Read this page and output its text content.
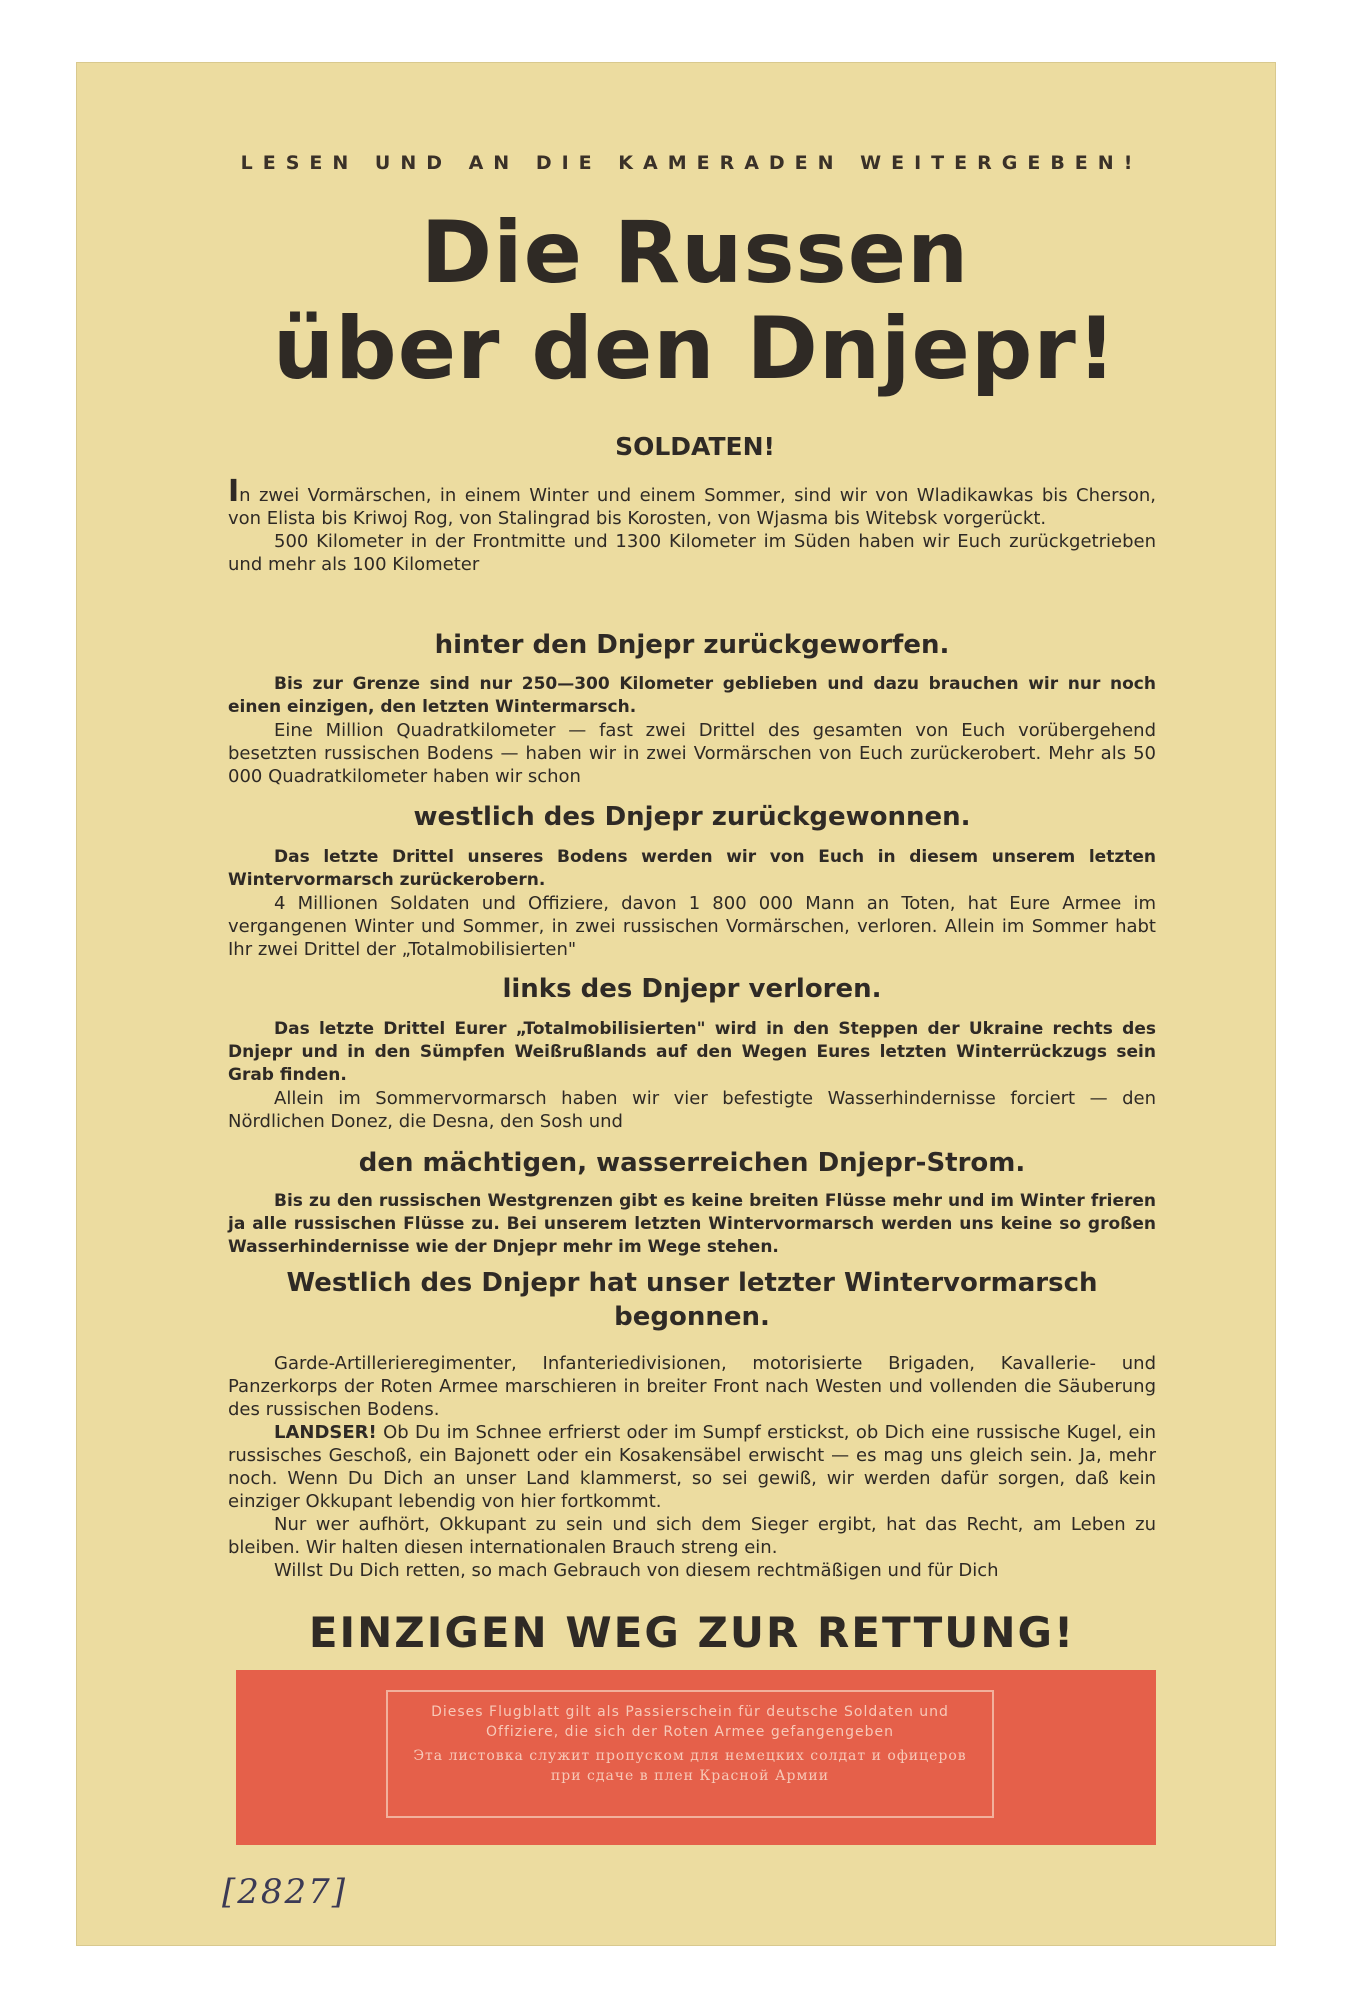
LESEN UND AN DIE KAMERADEN WEITERGEBEN!
Die Russen
über den Dnjepr!
SOLDATEN!

In zwei Vormärschen, in einem Winter und einem Sommer, sind wir von Wladikawkas bis Cherson, von Elista bis Kriwoj Rog, von Stalingrad bis Korosten, von Wjasma bis Witebsk vorgerückt.

500 Kilometer in der Frontmitte und 1300 Kilometer im Süden haben wir Euch zurückgetrieben und mehr als 100 Kilometer

hinter den Dnjepr zurückgeworfen.

Bis zur Grenze sind nur 250—300 Kilometer geblieben und dazu brauchen wir nur noch einen einzigen, den letzten Wintermarsch.

Eine Million Quadratkilometer — fast zwei Drittel des gesamten von Euch vorübergehend besetzten russischen Bodens — haben wir in zwei Vormärschen von Euch zurückerobert. Mehr als 50 000 Quadratkilometer haben wir schon

westlich des Dnjepr zurückgewonnen.

Das letzte Drittel unseres Bodens werden wir von Euch in diesem unserem letzten Wintervormarsch zurückerobern.

4 Millionen Soldaten und Offiziere, davon 1 800 000 Mann an Toten, hat Eure Armee im vergangenen Winter und Sommer, in zwei russischen Vormärschen, verloren. Allein im Sommer habt Ihr zwei Drittel der „Totalmobilisierten"

links des Dnjepr verloren.

Das letzte Drittel Eurer „Totalmobilisierten" wird in den Steppen der Ukraine rechts des Dnjepr und in den Sümpfen Weißrußlands auf den Wegen Eures letzten Winterrückzugs sein Grab finden.

Allein im Sommervormarsch haben wir vier befestigte Wasserhindernisse forciert — den Nördlichen Donez, die Desna, den Sosh und

den mächtigen, wasserreichen Dnjepr-Strom.

Bis zu den russischen Westgrenzen gibt es keine breiten Flüsse mehr und im Winter frieren ja alle russischen Flüsse zu. Bei unserem letzten Wintervormarsch werden uns keine so großen Wasserhindernisse wie der Dnjepr mehr im Wege stehen.

Westlich des Dnjepr hat unser letzter Wintervormarsch begonnen.

Garde-Artillerieregimenter, Infanteriedivisionen, motorisierte Brigaden, Kavallerie- und Panzerkorps der Roten Armee marschieren in breiter Front nach Westen und vollenden die Säuberung des russischen Bodens.

LANDSER! Ob Du im Schnee erfrierst oder im Sumpf erstickst, ob Dich eine russische Kugel, ein russisches Geschoß, ein Bajonett oder ein Kosakensäbel erwischt — es mag uns gleich sein. Ja, mehr noch. Wenn Du Dich an unser Land klammerst, so sei gewiß, wir werden dafür sorgen, daß kein einziger Okkupant lebendig von hier fortkommt.

Nur wer aufhört, Okkupant zu sein und sich dem Sieger ergibt, hat das Recht, am Leben zu bleiben. Wir halten diesen internationalen Brauch streng ein.

Willst Du Dich retten, so mach Gebrauch von diesem rechtmäßigen und für Dich

EINZIGEN WEG ZUR RETTUNG!

Dieses Flugblatt gilt als Passierschein für deutsche Soldaten und Offiziere, die sich der Roten Armee gefangengeben

Эта листовка служит пропуском для немецких солдат и офицеров при сдаче в плен Красной Армии

[2827]
